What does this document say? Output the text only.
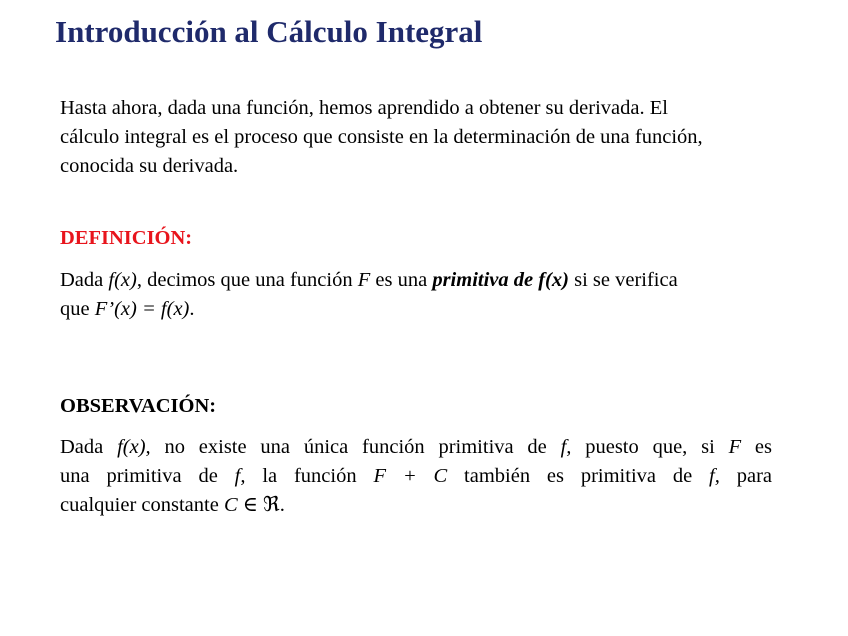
Introducción al Cálculo Integral

Hasta ahora, dada una función, hemos aprendido a obtener su derivada. El
cálculo integral es el proceso que consiste en la determinación de una función,
conocida su derivada.

DEFINICIÓN:

Dada f(x), decimos que una función F es una primitiva de f(x) si se verifica
que F’(x) = f(x).

OBSERVACIÓN:

Dada f(x), no existe una única función primitiva de f, puesto que, si F es
una primitiva de f, la función F + C también es primitiva de f, para
cualquier constante C ∈ ℜ.
